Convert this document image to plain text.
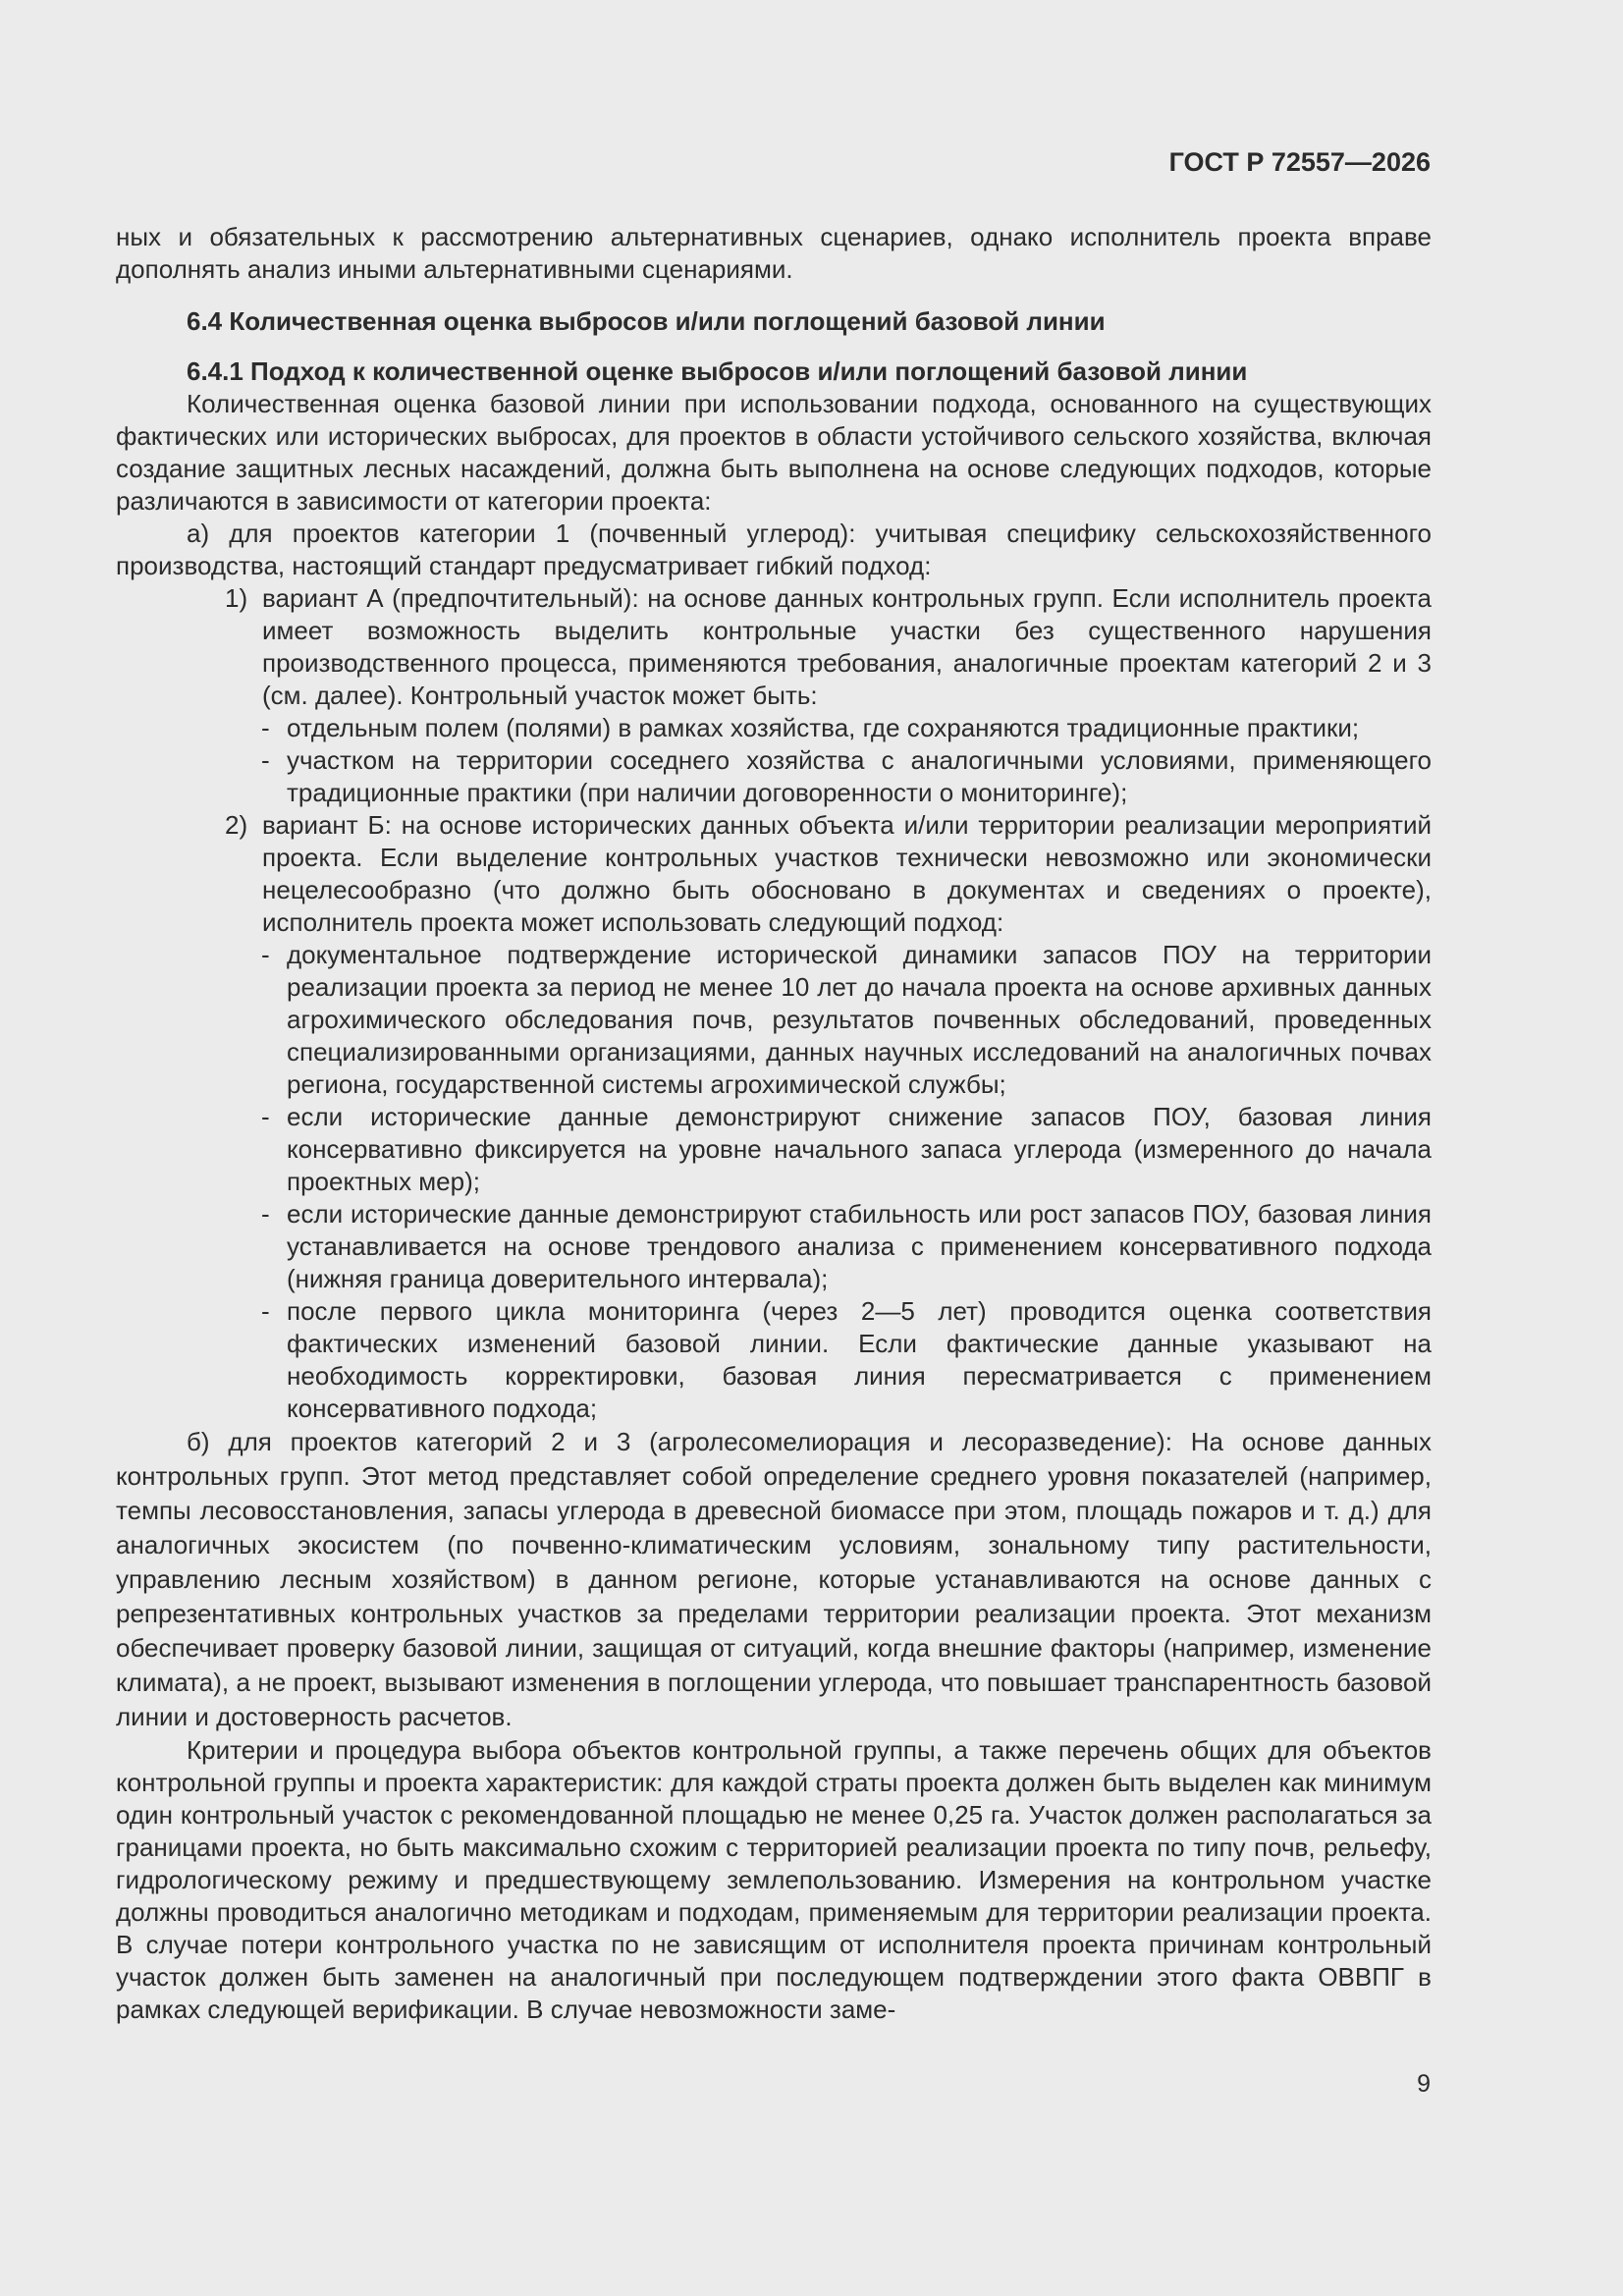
ГОСТ Р 72557—2026

ных и обязательных к рассмотрению альтернативных сценариев, однако исполнитель проекта вправе дополнять анализ иными альтернативными сценариями.

6.4 Количественная оценка выбросов и/или поглощений базовой линии

6.4.1 Подход к количественной оценке выбросов и/или поглощений базовой линии

Количественная оценка базовой линии при использовании подхода, основанного на существующих фактических или исторических выбросах, для проектов в области устойчивого сельского хозяйства, включая создание защитных лесных насаждений, должна быть выполнена на основе следующих подходов, которые различаются в зависимости от категории проекта:

а) для проектов категории 1 (почвенный углерод): учитывая специфику сельскохозяйственного производства, настоящий стандарт предусматривает гибкий подход:

1) вариант А (предпочтительный): на основе данных контрольных групп. Если исполнитель проекта имеет возможность выделить контрольные участки без существенного нарушения производственного процесса, применяются требования, аналогичные проектам категорий 2 и 3 (см. далее). Контрольный участок может быть:
- отдельным полем (полями) в рамках хозяйства, где сохраняются традиционные практики;
- участком на территории соседнего хозяйства с аналогичными условиями, применяющего традиционные практики (при наличии договоренности о мониторинге);
2) вариант Б: на основе исторических данных объекта и/или территории реализации мероприятий проекта. Если выделение контрольных участков технически невозможно или экономически нецелесообразно (что должно быть обосновано в документах и сведениях о проекте), исполнитель проекта может использовать следующий подход:
- документальное подтверждение исторической динамики запасов ПОУ на территории реализации проекта за период не менее 10 лет до начала проекта на основе архивных данных агрохимического обследования почв, результатов почвенных обследований, проведенных специализированными организациями, данных научных исследований на аналогичных почвах региона, государственной системы агрохимической службы;
- если исторические данные демонстрируют снижение запасов ПОУ, базовая линия консервативно фиксируется на уровне начального запаса углерода (измеренного до начала проектных мер);
- если исторические данные демонстрируют стабильность или рост запасов ПОУ, базовая линия устанавливается на основе трендового анализа с применением консервативного подхода (нижняя граница доверительного интервала);
- после первого цикла мониторинга (через 2—5 лет) проводится оценка соответствия фактических изменений базовой линии. Если фактические данные указывают на необходимость корректировки, базовая линия пересматривается с применением консервативного подхода;

б) для проектов категорий 2 и 3 (агролесомелиорация и лесоразведение): На основе данных контрольных групп. Этот метод представляет собой определение среднего уровня показателей (например, темпы лесовосстановления, запасы углерода в древесной биомассе при этом, площадь пожаров и т. д.) для аналогичных экосистем (по почвенно-климатическим условиям, зональному типу растительности, управлению лесным хозяйством) в данном регионе, которые устанавливаются на основе данных с репрезентативных контрольных участков за пределами территории реализации проекта. Этот механизм обеспечивает проверку базовой линии, защищая от ситуаций, когда внешние факторы (например, изменение климата), а не проект, вызывают изменения в поглощении углерода, что повышает транспарентность базовой линии и достоверность расчетов.

Критерии и процедура выбора объектов контрольной группы, а также перечень общих для объектов контрольной группы и проекта характеристик: для каждой страты проекта должен быть выделен как минимум один контрольный участок с рекомендованной площадью не менее 0,25 га. Участок должен располагаться за границами проекта, но быть максимально схожим с территорией реализации проекта по типу почв, рельефу, гидрологическому режиму и предшествующему землепользованию. Измерения на контрольном участке должны проводиться аналогично методикам и подходам, применяемым для территории реализации проекта. В случае потери контрольного участка по не зависящим от исполнителя проекта причинам контрольный участок должен быть заменен на аналогичный при последующем подтверждении этого факта ОВВПГ в рамках следующей верификации. В случае невозможности заме-

9
